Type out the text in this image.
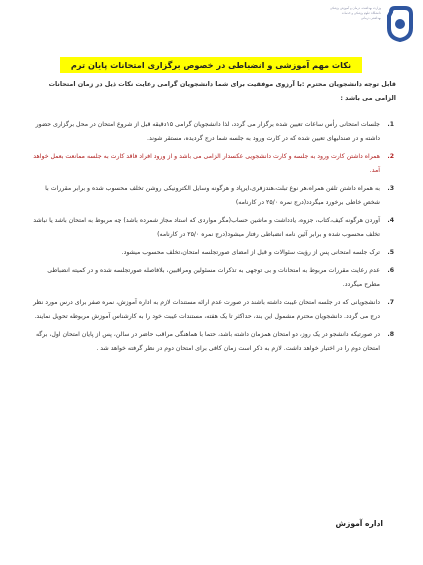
وزارت بهداشت، درمان و آموزش پزشکی
دانشگاه علوم پزشکی و خدمات
بهداشتی درمانی
نکات مهم آموزشی و انضباطی در خصوص برگزاری امتحانات پایان ترم
قابل توجه دانشجویان محترم :با آرزوی موفقیت برای شما دانشجویان گرامی رعایت نکات ذیل در زمان امتحانات
الزامی می باشد :
1.
جلسات امتحانی رأس ساعات تعیین شده برگزار می گردد، لذا دانشجویان گرامی ۱۵دقیقه قبل از شروع امتحان در محل برگزاری حضور داشته و در صندلیهای تعیین شده که در کارت ورود به جلسه شما درج گردیده، مستقر شوند.
2.
همراه داشتن کارت ورود به جلسه و کارت دانشجویی عکسدار الزامی می باشد و از ورود افراد فاقد کارت به جلسه ممانعت بعمل خواهد آمد.
3.
به همراه داشتن تلفن همراه،هر نوع تبلت،هندزفری،ایرپاد و هرگونه وسایل الکترونیکی روشن تخلف محسوب شده و برابر مقررات با شخص خاطی برخورد میگردد(درج نمره ۲۵/۰ در کارنامه)
4.
آوردن هرگونه کیف،کتاب، جزوه، یادداشت و ماشین حساب(مگر مواردی که استاد مجاز شمرده باشد) چه مربوط به امتحان باشد یا نباشد تخلف محسوب شده و برابر آئین نامه انضباطی رفتار میشود(درج نمره ۲۵/۰ در کارنامه)
5.
ترک جلسه امتحانی پس از رؤیت سئوالات و قبل از امضای صورتجلسه امتحان،تخلف محسوب میشود.
6.
عدم رعایت مقررات مربوط به امتحانات و بی توجهی به تذکرات مسئولین ومراقبین، بلافاصله صورتجلسه شده و در کمیته انضباطی مطرح میگردد.
7.
دانشجویانی که در جلسه امتحان غیبت داشته باشند در صورت عدم ارائه مستندات لازم به اداره آموزش، نمره صفر برای درس مورد نظر درج می گردد. دانشجویان محترم مشمول این بند، حداکثر تا یک هفته، مستندات غیبت خود را به کارشناس آموزش مربوطه تحویل نمایند.
8.
در صورتیکه دانشجو در یک روز، دو امتحان همزمان داشته باشد، حتما با هماهنگی مراقب حاضر در سالن، پس از پایان امتحان اول، برگه امتحان دوم را در اختیار خواهد داشت. لازم به ذکر است زمان کافی برای امتحان دوم در نظر گرفته خواهد شد .
اداره آموزش
